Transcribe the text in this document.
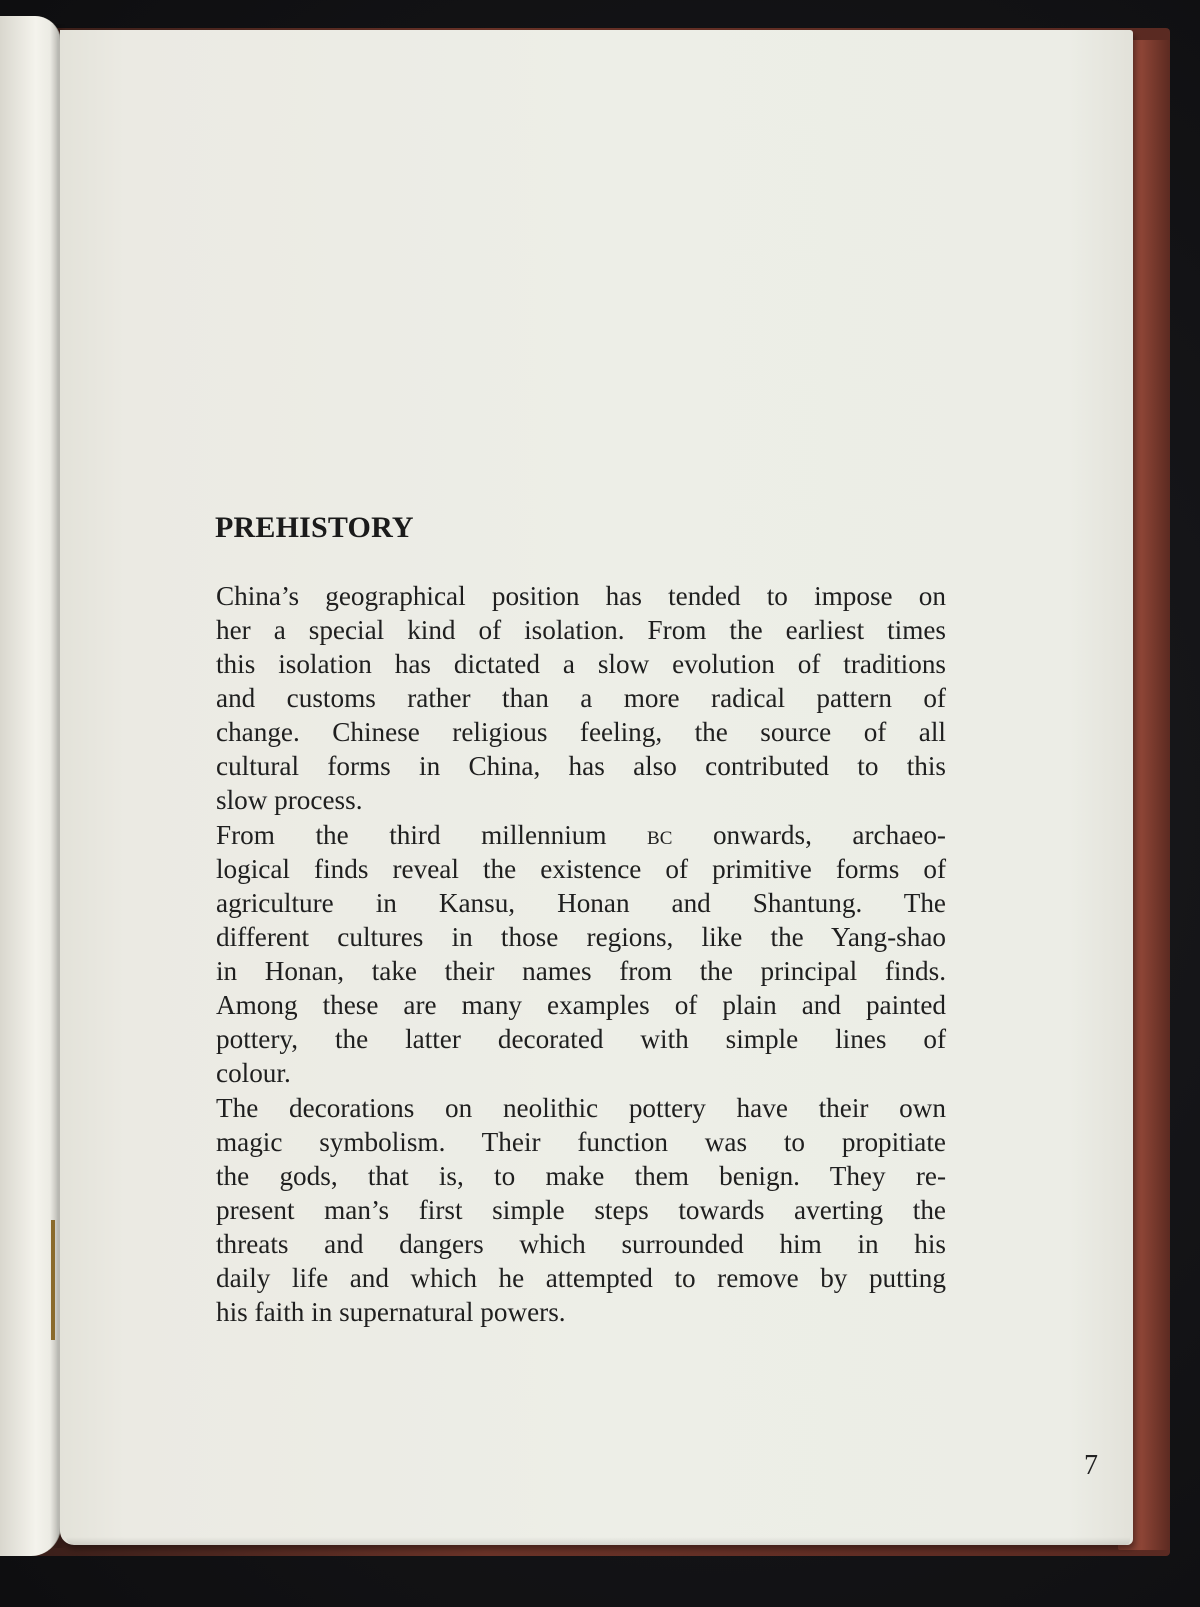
PREHISTORY
China’s geographical position has tended to impose on
her a special kind of isolation. From the earliest times
this isolation has dictated a slow evolution of traditions
and customs rather than a more radical pattern of
change. Chinese religious feeling, the source of all
cultural forms in China, has also contributed to this
slow process.
From the third millennium bc onwards, archaeo-
logical finds reveal the existence of primitive forms of
agriculture in Kansu, Honan and Shantung. The
different cultures in those regions, like the Yang-shao
in Honan, take their names from the principal finds.
Among these are many examples of plain and painted
pottery, the latter decorated with simple lines of
colour.
The decorations on neolithic pottery have their own
magic symbolism. Their function was to propitiate
the gods, that is, to make them benign. They re-
present man’s first simple steps towards averting the
threats and dangers which surrounded him in his
daily life and which he attempted to remove by putting
his faith in supernatural powers.
7
